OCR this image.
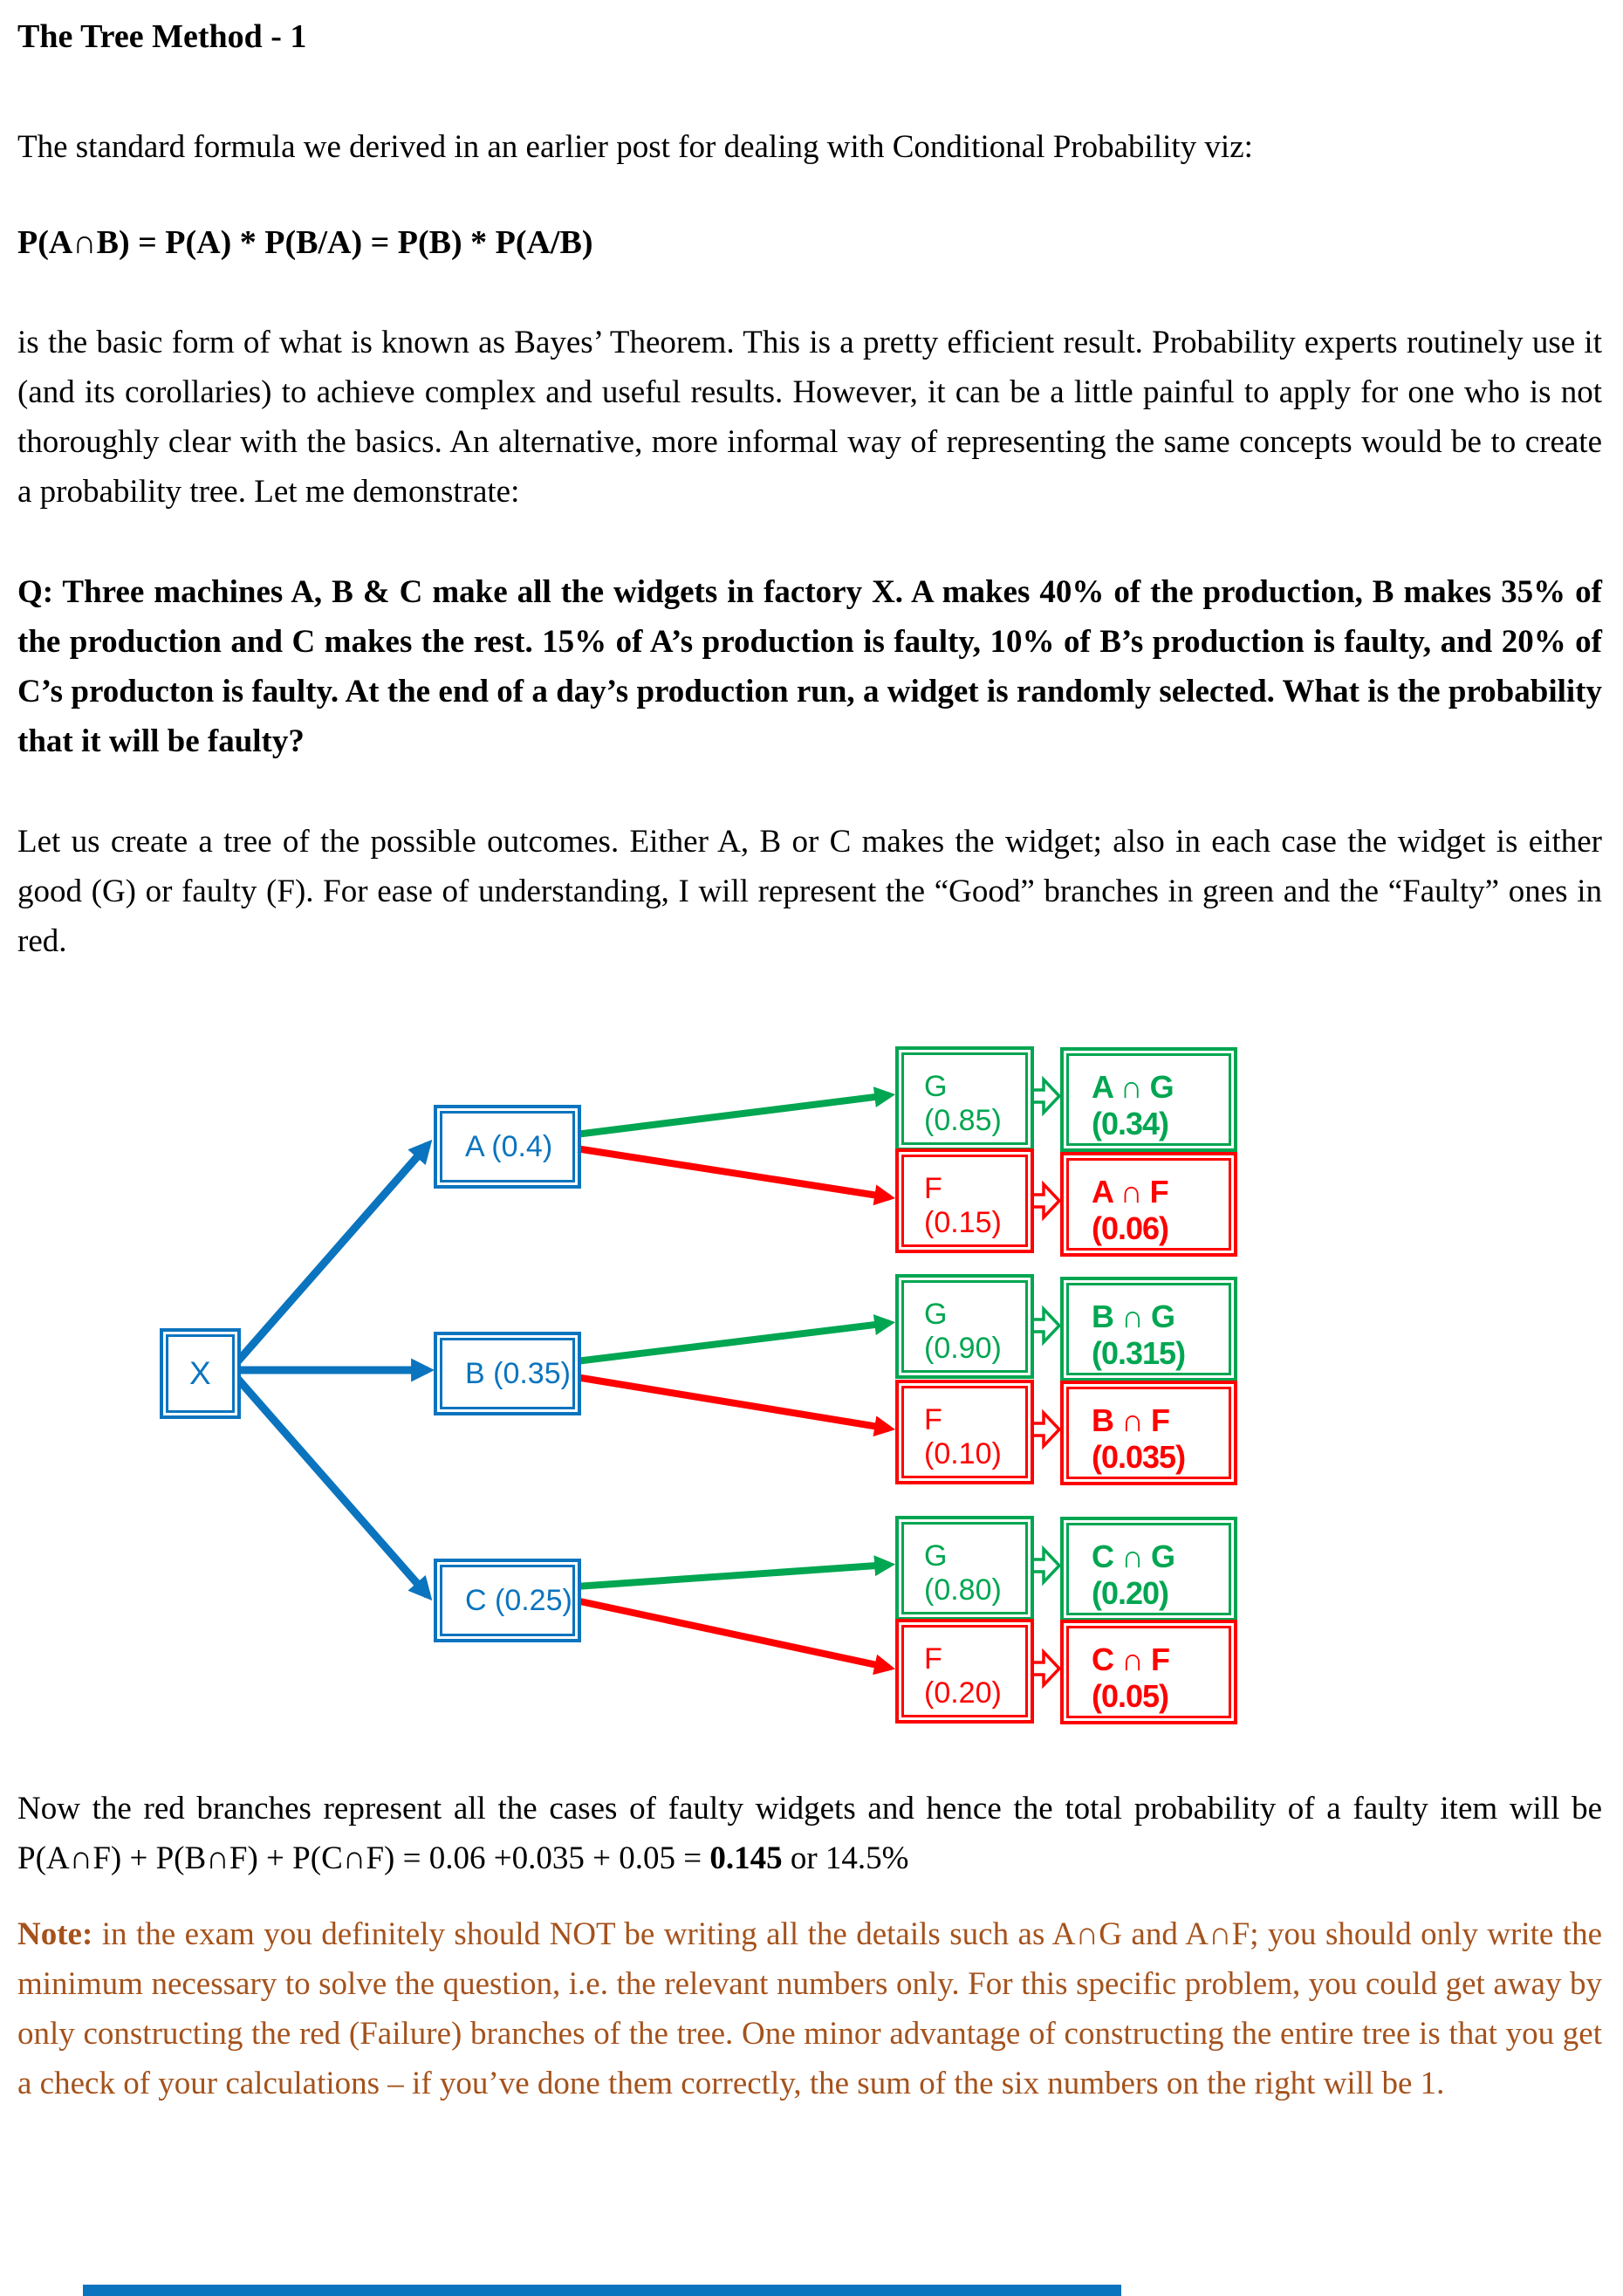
The Tree Method - 1

The standard formula we derived in an earlier post for dealing with Conditional Probability viz:

P(A∩B) = P(A) * P(B/A) = P(B) * P(A/B)

is the basic form of what is known as Bayes’ Theorem. This is a pretty efficient result. Probability experts routinely use it (and its corollaries) to achieve complex and useful results. However, it can be a little painful to apply for one who is not thoroughly clear with the basics. An alternative, more informal way of representing the same concepts would be to create a probability tree. Let me demonstrate:

Q: Three machines A, B & C make all the widgets in factory X. A makes 40% of the production, B makes 35% of the production and C makes the rest. 15% of A’s production is faulty, 10% of B’s production is faulty, and 20% of C’s producton is faulty. At the end of a day’s production run, a widget is randomly selected. What is the probability that it will be faulty?

Let us create a tree of the possible outcomes. Either A, B or C makes the widget; also in each case the widget is either good (G) or faulty (F). For ease of understanding, I will represent the “Good” branches in green and the “Faulty” ones in red.

X
A (0.4)
B (0.35)
C (0.25)
G (0.85)
F (0.15)
G (0.90)
F (0.10)
G (0.80)
F (0.20)
A ∩ G (0.34)
A ∩ F (0.06)
B ∩ G (0.315)
B ∩ F (0.035)
C ∩ G (0.20)
C ∩ F (0.05)

Now the red branches represent all the cases of faulty widgets and hence the total probability of a faulty item will be P(A∩F) + P(B∩F) + P(C∩F) = 0.06 +0.035 + 0.05 = 0.145 or 14.5%

Note: in the exam you definitely should NOT be writing all the details such as A∩G and A∩F; you should only write the minimum necessary to solve the question, i.e. the relevant numbers only. For this specific problem, you could get away by only constructing the red (Failure) branches of the tree. One minor advantage of constructing the entire tree is that you get a check of your calculations – if you’ve done them correctly, the sum of the six numbers on the right will be 1.
